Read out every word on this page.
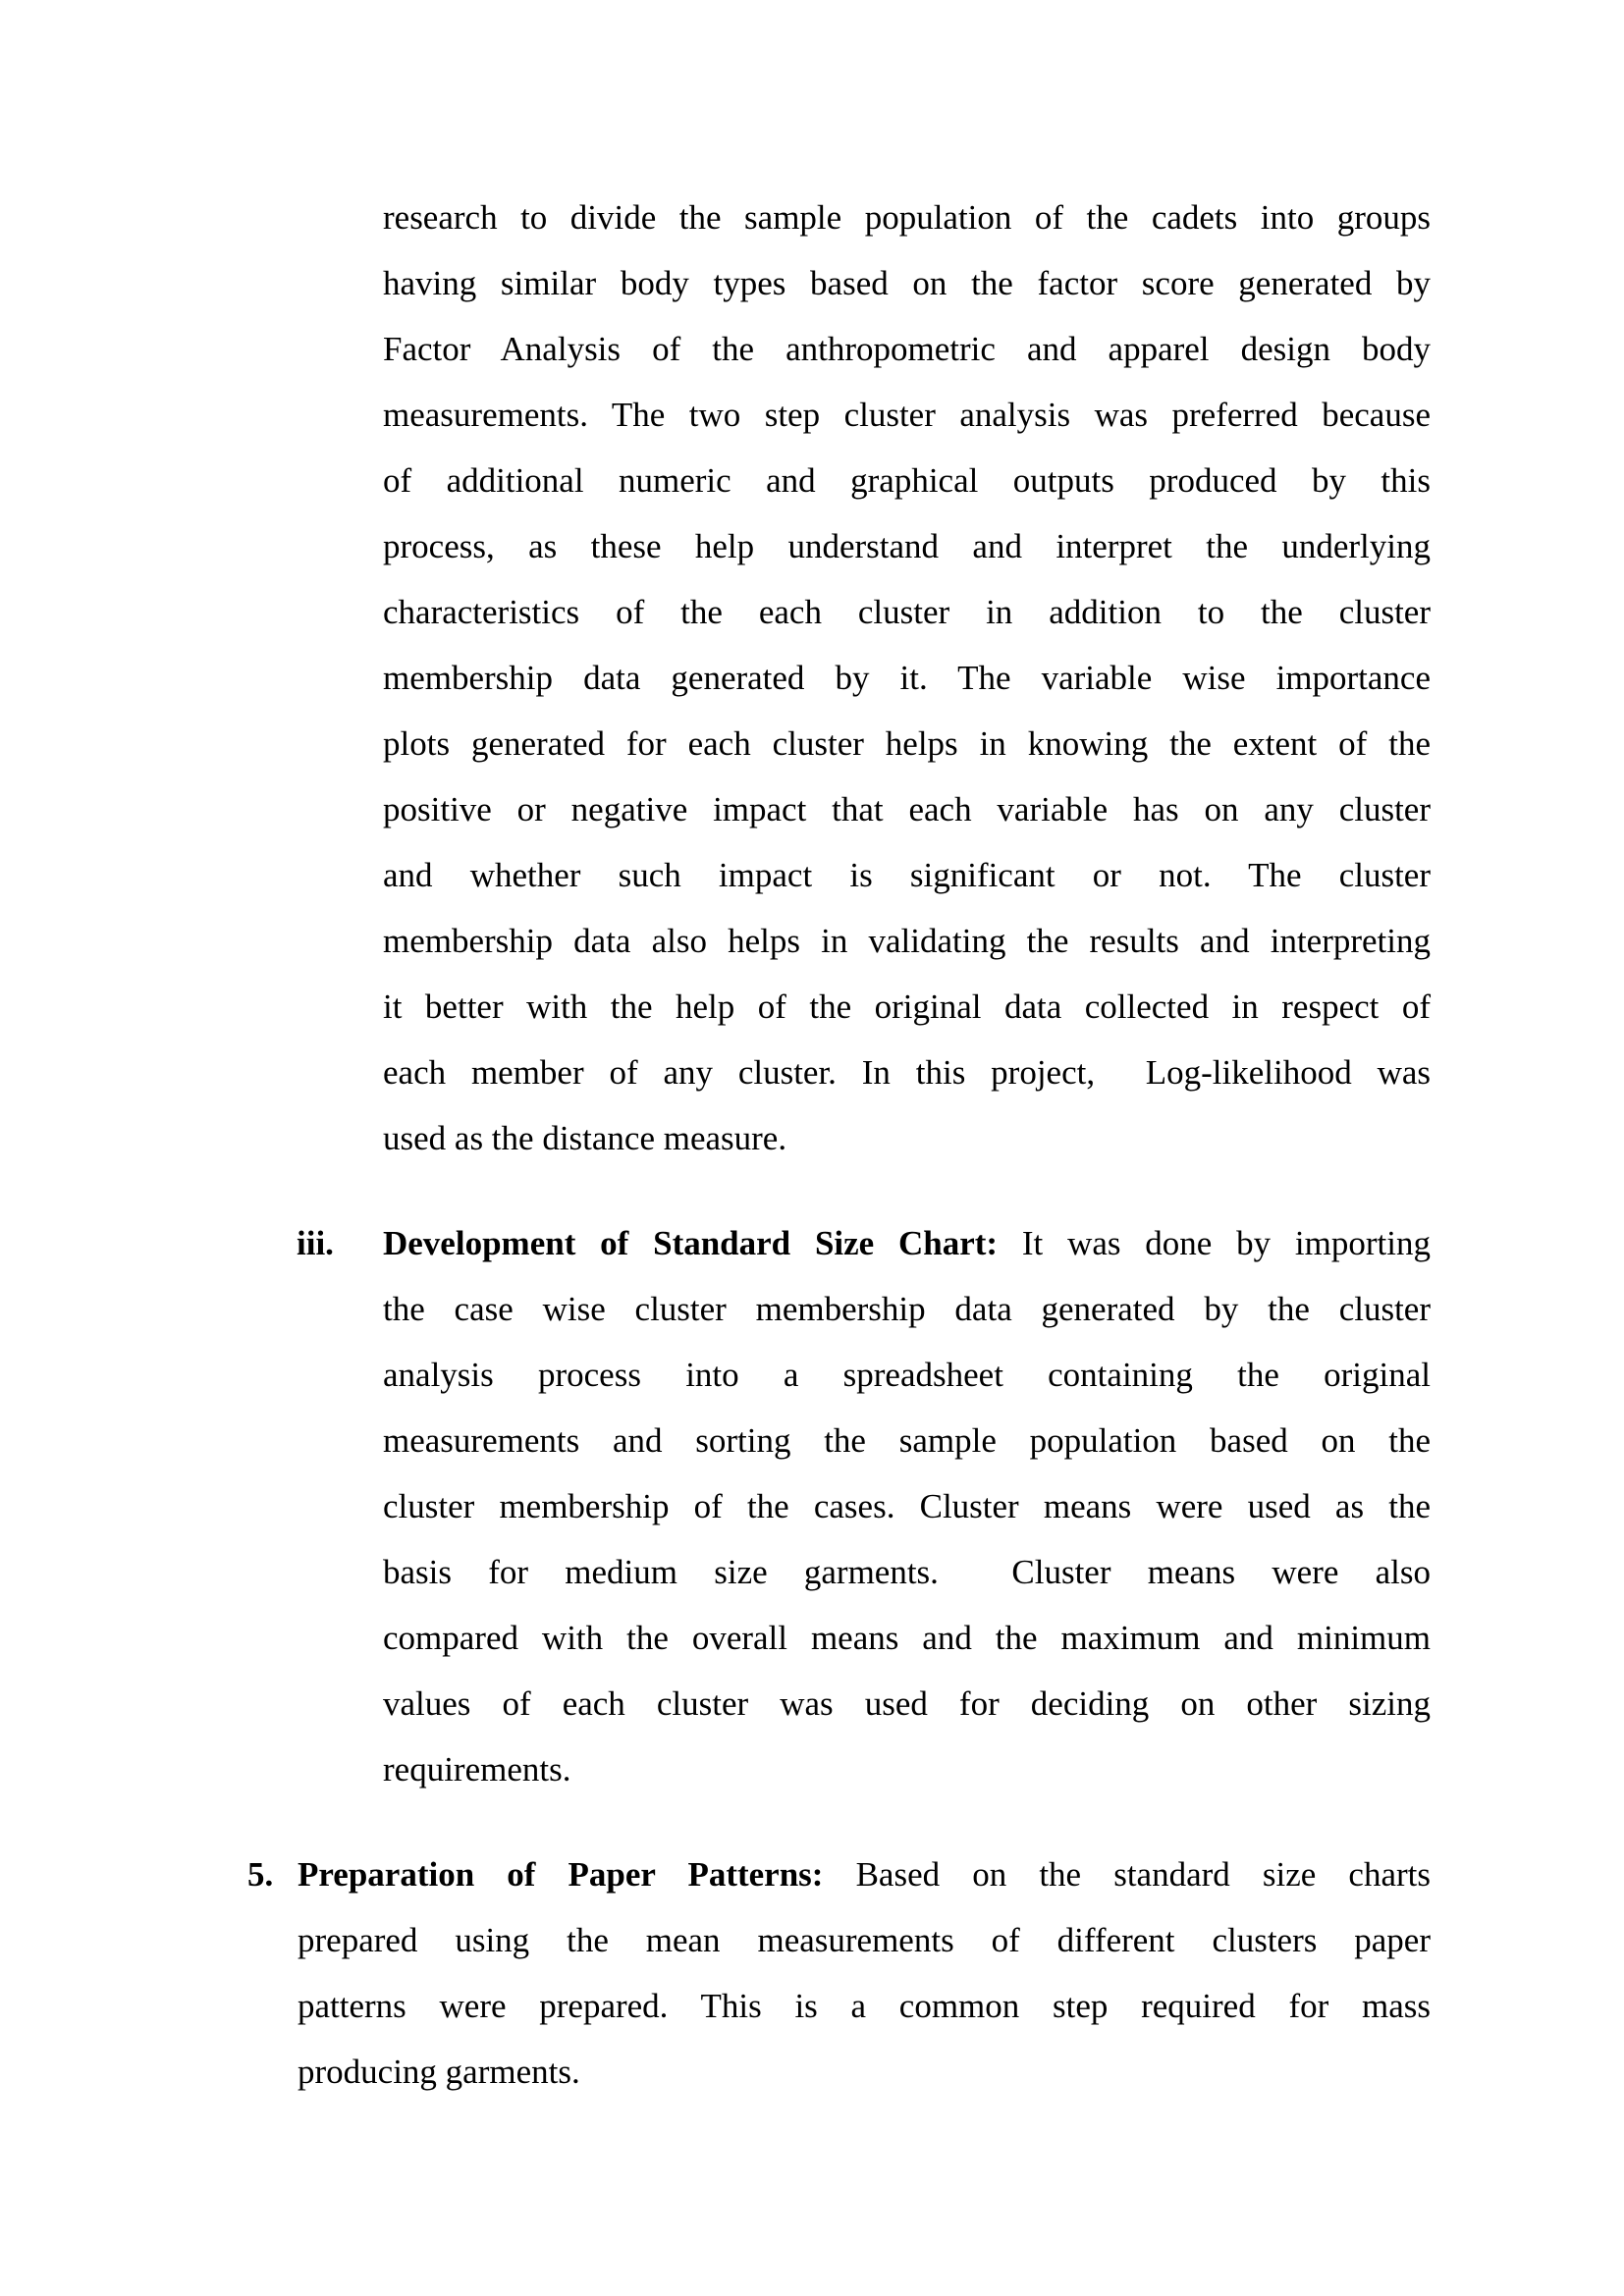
research to divide the sample population of the cadets into groups
having similar body types based on the factor score generated by
Factor Analysis of the anthropometric and apparel design body
measurements. The two step cluster analysis was preferred because
of additional numeric and graphical outputs produced by this
process, as these help understand and interpret the underlying
characteristics of the each cluster in addition to the cluster
membership data generated by it. The variable wise importance
plots generated for each cluster helps in knowing the extent of the
positive or negative impact that each variable has on any cluster
and whether such impact is significant or not. The cluster
membership data also helps in validating the results and interpreting
it better with the help of the original data collected in respect of
each member of any cluster. In this project,  Log-likelihood was
used as the distance measure.
iii. Development of Standard Size Chart: It was done by importing
the case wise cluster membership data generated by the cluster
analysis process into a spreadsheet containing the original
measurements and sorting the sample population based on the
cluster membership of the cases. Cluster means were used as the
basis for medium size garments.  Cluster means were also
compared with the overall means and the maximum and minimum
values of each cluster was used for deciding on other sizing
requirements.
5. Preparation of Paper Patterns: Based on the standard size charts
prepared using the mean measurements of different clusters paper
patterns were prepared. This is a common step required for mass
producing garments.
